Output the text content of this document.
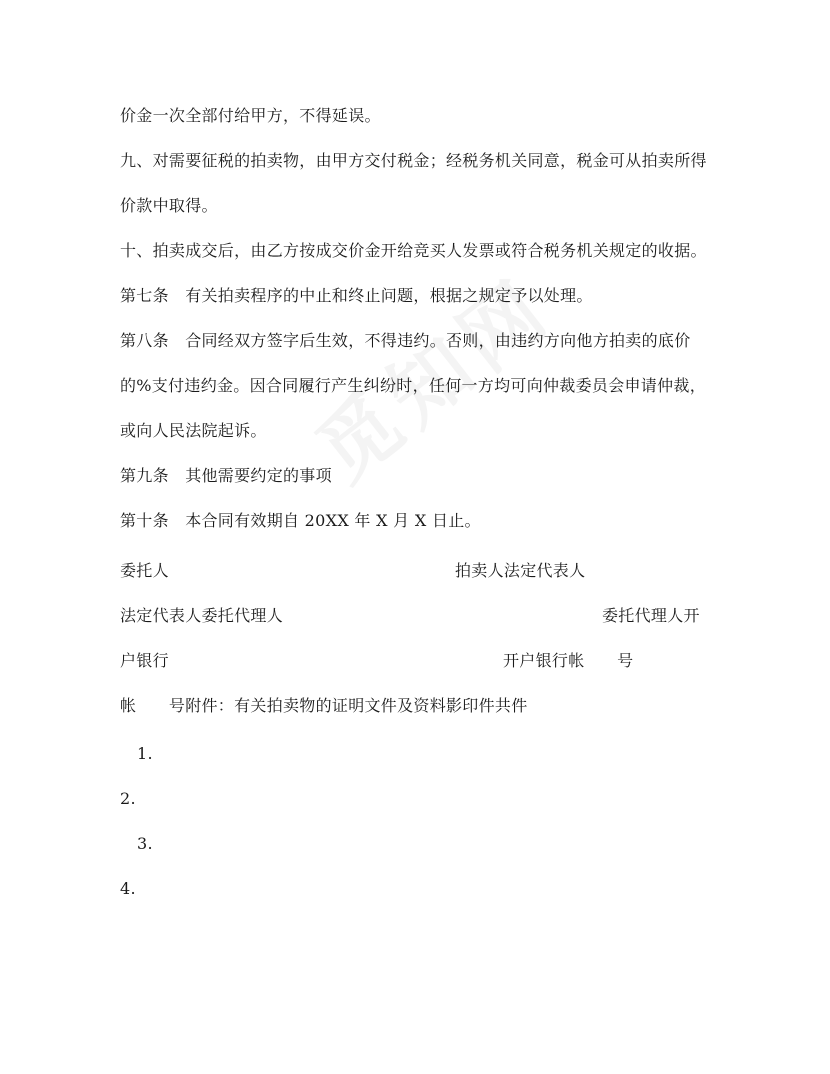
价金一次全部付给甲方，不得延误。
九、对需要征税的拍卖物，由甲方交付税金；经税务机关同意，税金可从拍卖所得
价款中取得。
十、拍卖成交后，由乙方按成交价金开给竞买人发票或符合税务机关规定的收据。
第七条　有关拍卖程序的中止和终止问题，根据之规定予以处理。
第八条　合同经双方签字后生效，不得违约。否则，由违约方向他方拍卖的底价
的%支付违约金。因合同履行产生纠纷时，任何一方均可向仲裁委员会申请仲裁，
或向人民法院起诉。
第九条　其他需要约定的事项
第十条　本合同有效期自 20XX 年 X 月 X 日止。
委托人	拍卖人法定代表人
法定代表人委托代理人	委托代理人开
户银行	开户银行帐　　号
帐　　号附件：有关拍卖物的证明文件及资料影印件共件
1.
2.
3.
4.
